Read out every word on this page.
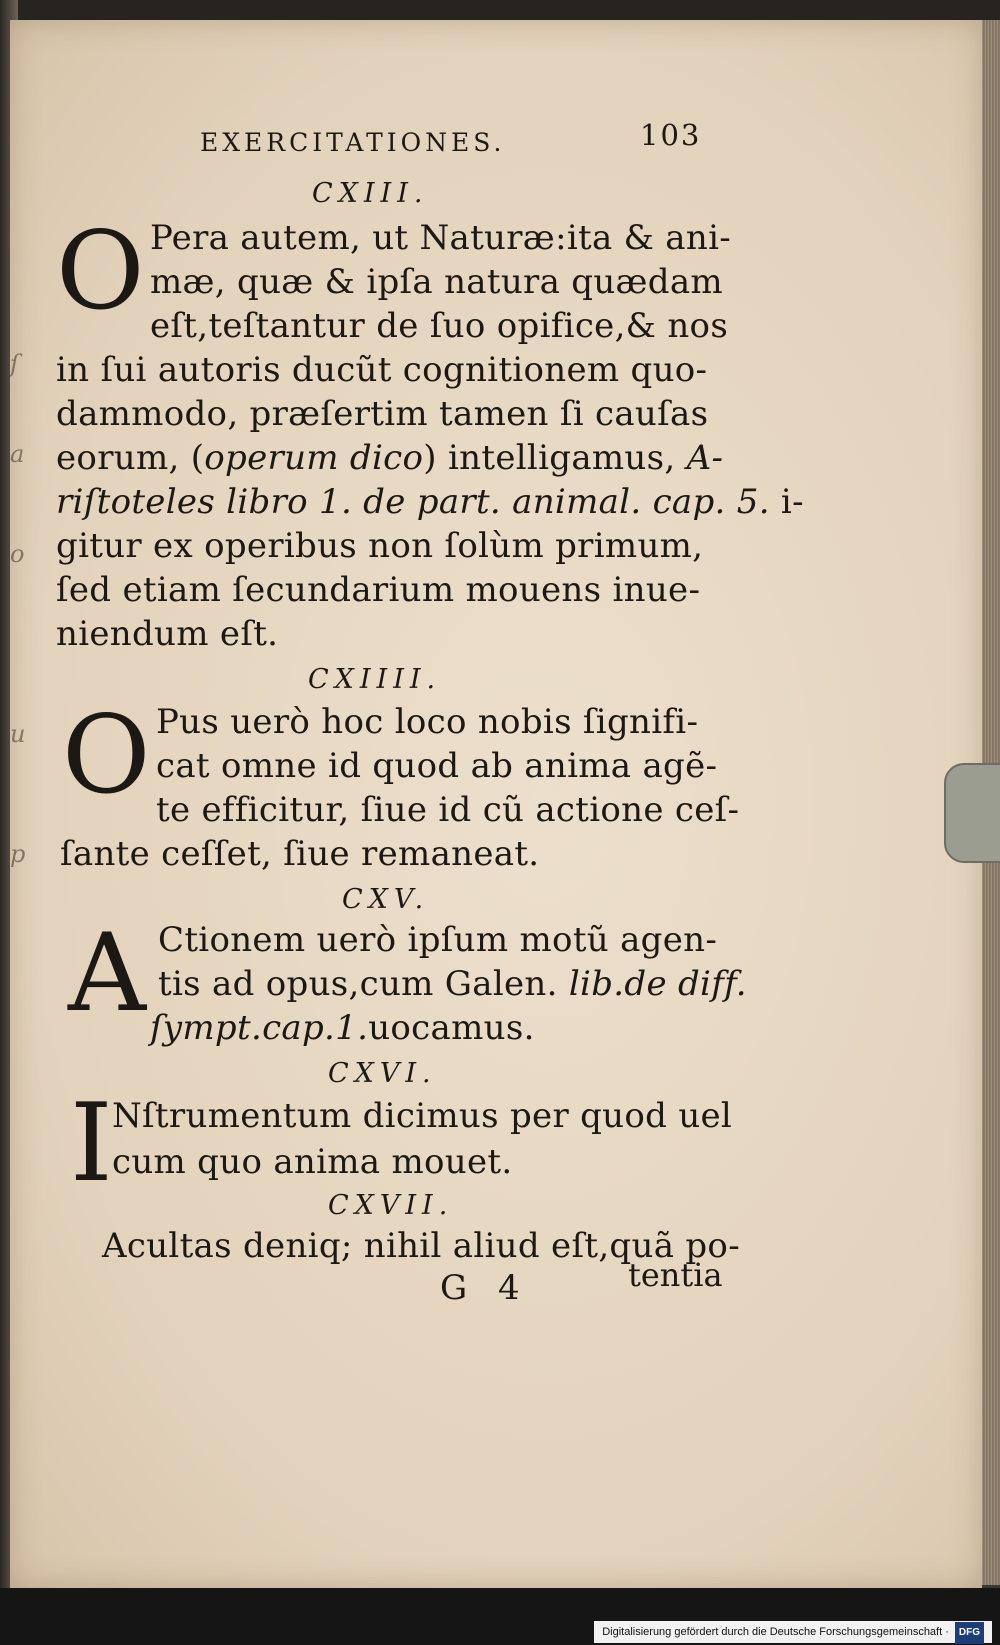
ſ
a
o
u
p
EXERCITATIONES.	103
CXIII.
O Pera autem, ut Naturæ:ita & ani-
mæ, quæ & ipſa natura quædam
eſt,teſtantur de ſuo opifice,& nos
in ſui autoris ducũt cognitionem quo-
dammodo, præſertim tamen ſi cauſas
eorum, (operum dico) intelligamus, A-
riſtoteles libro 1. de part. animal. cap. 5. i-
gitur ex operibus non ſolùm primum,
ſed etiam ſecundarium mouens inue-
niendum eſt.
CXIIII.
O Pus uerò hoc loco nobis ſignifi-
cat omne id quod ab anima agẽ-
te efficitur, ſiue id cũ actione ceſ-
ſante ceſſet, ſiue remaneat.
CXV.
A Ctionem uerò ipſum motũ agen-
tis ad opus,cum Galen. lib.de diff.
ſympt.cap.1.uocamus.
CXVI.
I Nſtrumentum dicimus per quod uel
cum quo anima mouet.
CXVII.
Acultas deniq; nihil aliud eſt,quã po-
G 4	tentia
Digitalisierung gefördert durch die Deutsche Forschungsgemeinschaft · DFG
